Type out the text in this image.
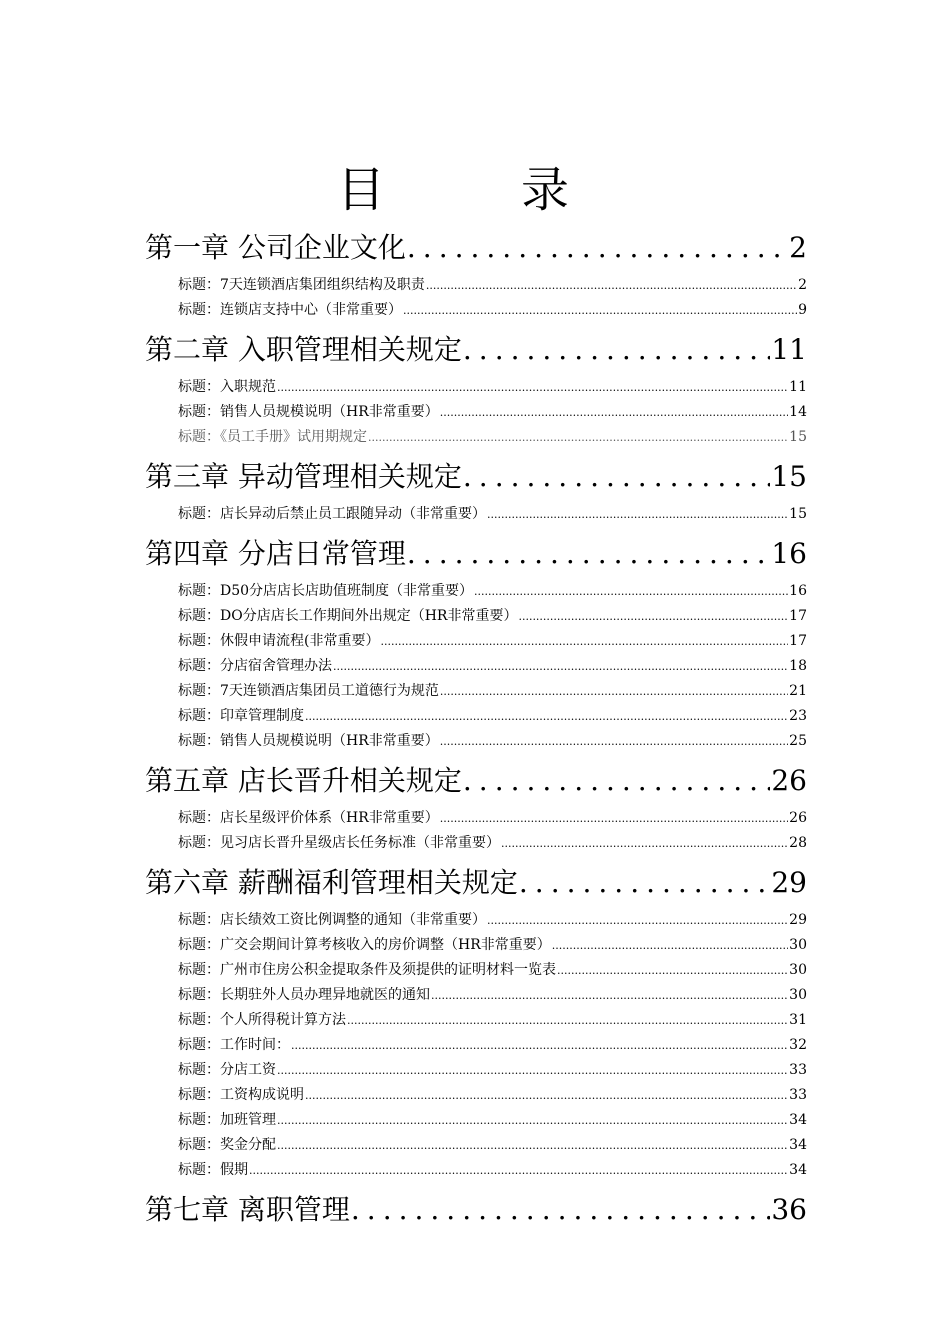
目　录
第一章 公司企业文化 .....	2
标题：7天连锁酒店集团组织结构及职责 .....	2
标题：连锁店支持中心（非常重要） .....	9
第二章 入职管理相关规定 .....	11
标题：入职规范 .....	11
标题：销售人员规模说明（HR非常重要） .....	14
标题：《员工手册》试用期规定 .....	15
第三章 异动管理相关规定 .....	15
标题：店长异动后禁止员工跟随异动（非常重要） .....	15
第四章 分店日常管理 .....	16
标题：D50分店店长店助值班制度（非常重要） .....	16
标题：DO分店店长工作期间外出规定（HR非常重要） .....	17
标题：休假申请流程(非常重要） .....	17
标题：分店宿舍管理办法 .....	18
标题：7天连锁酒店集团员工道德行为规范 .....	21
标题：印章管理制度 .....	23
标题：销售人员规模说明（HR非常重要） .....	25
第五章 店长晋升相关规定 .....	26
标题：店长星级评价体系（HR非常重要） .....	26
标题：见习店长晋升星级店长任务标准（非常重要） .....	28
第六章 薪酬福利管理相关规定 .....	29
标题：店长绩效工资比例调整的通知（非常重要） .....	29
标题：广交会期间计算考核收入的房价调整（HR非常重要） .....	30
标题：广州市住房公积金提取条件及须提供的证明材料一览表 .....	30
标题：长期驻外人员办理异地就医的通知 .....	30
标题：个人所得税计算方法 .....	31
标题：工作时间： .....	32
标题：分店工资 .....	33
标题：工资构成说明 .....	33
标题：加班管理 .....	34
标题：奖金分配 .....	34
标题：假期 .....	34
第七章 离职管理 .....	36
